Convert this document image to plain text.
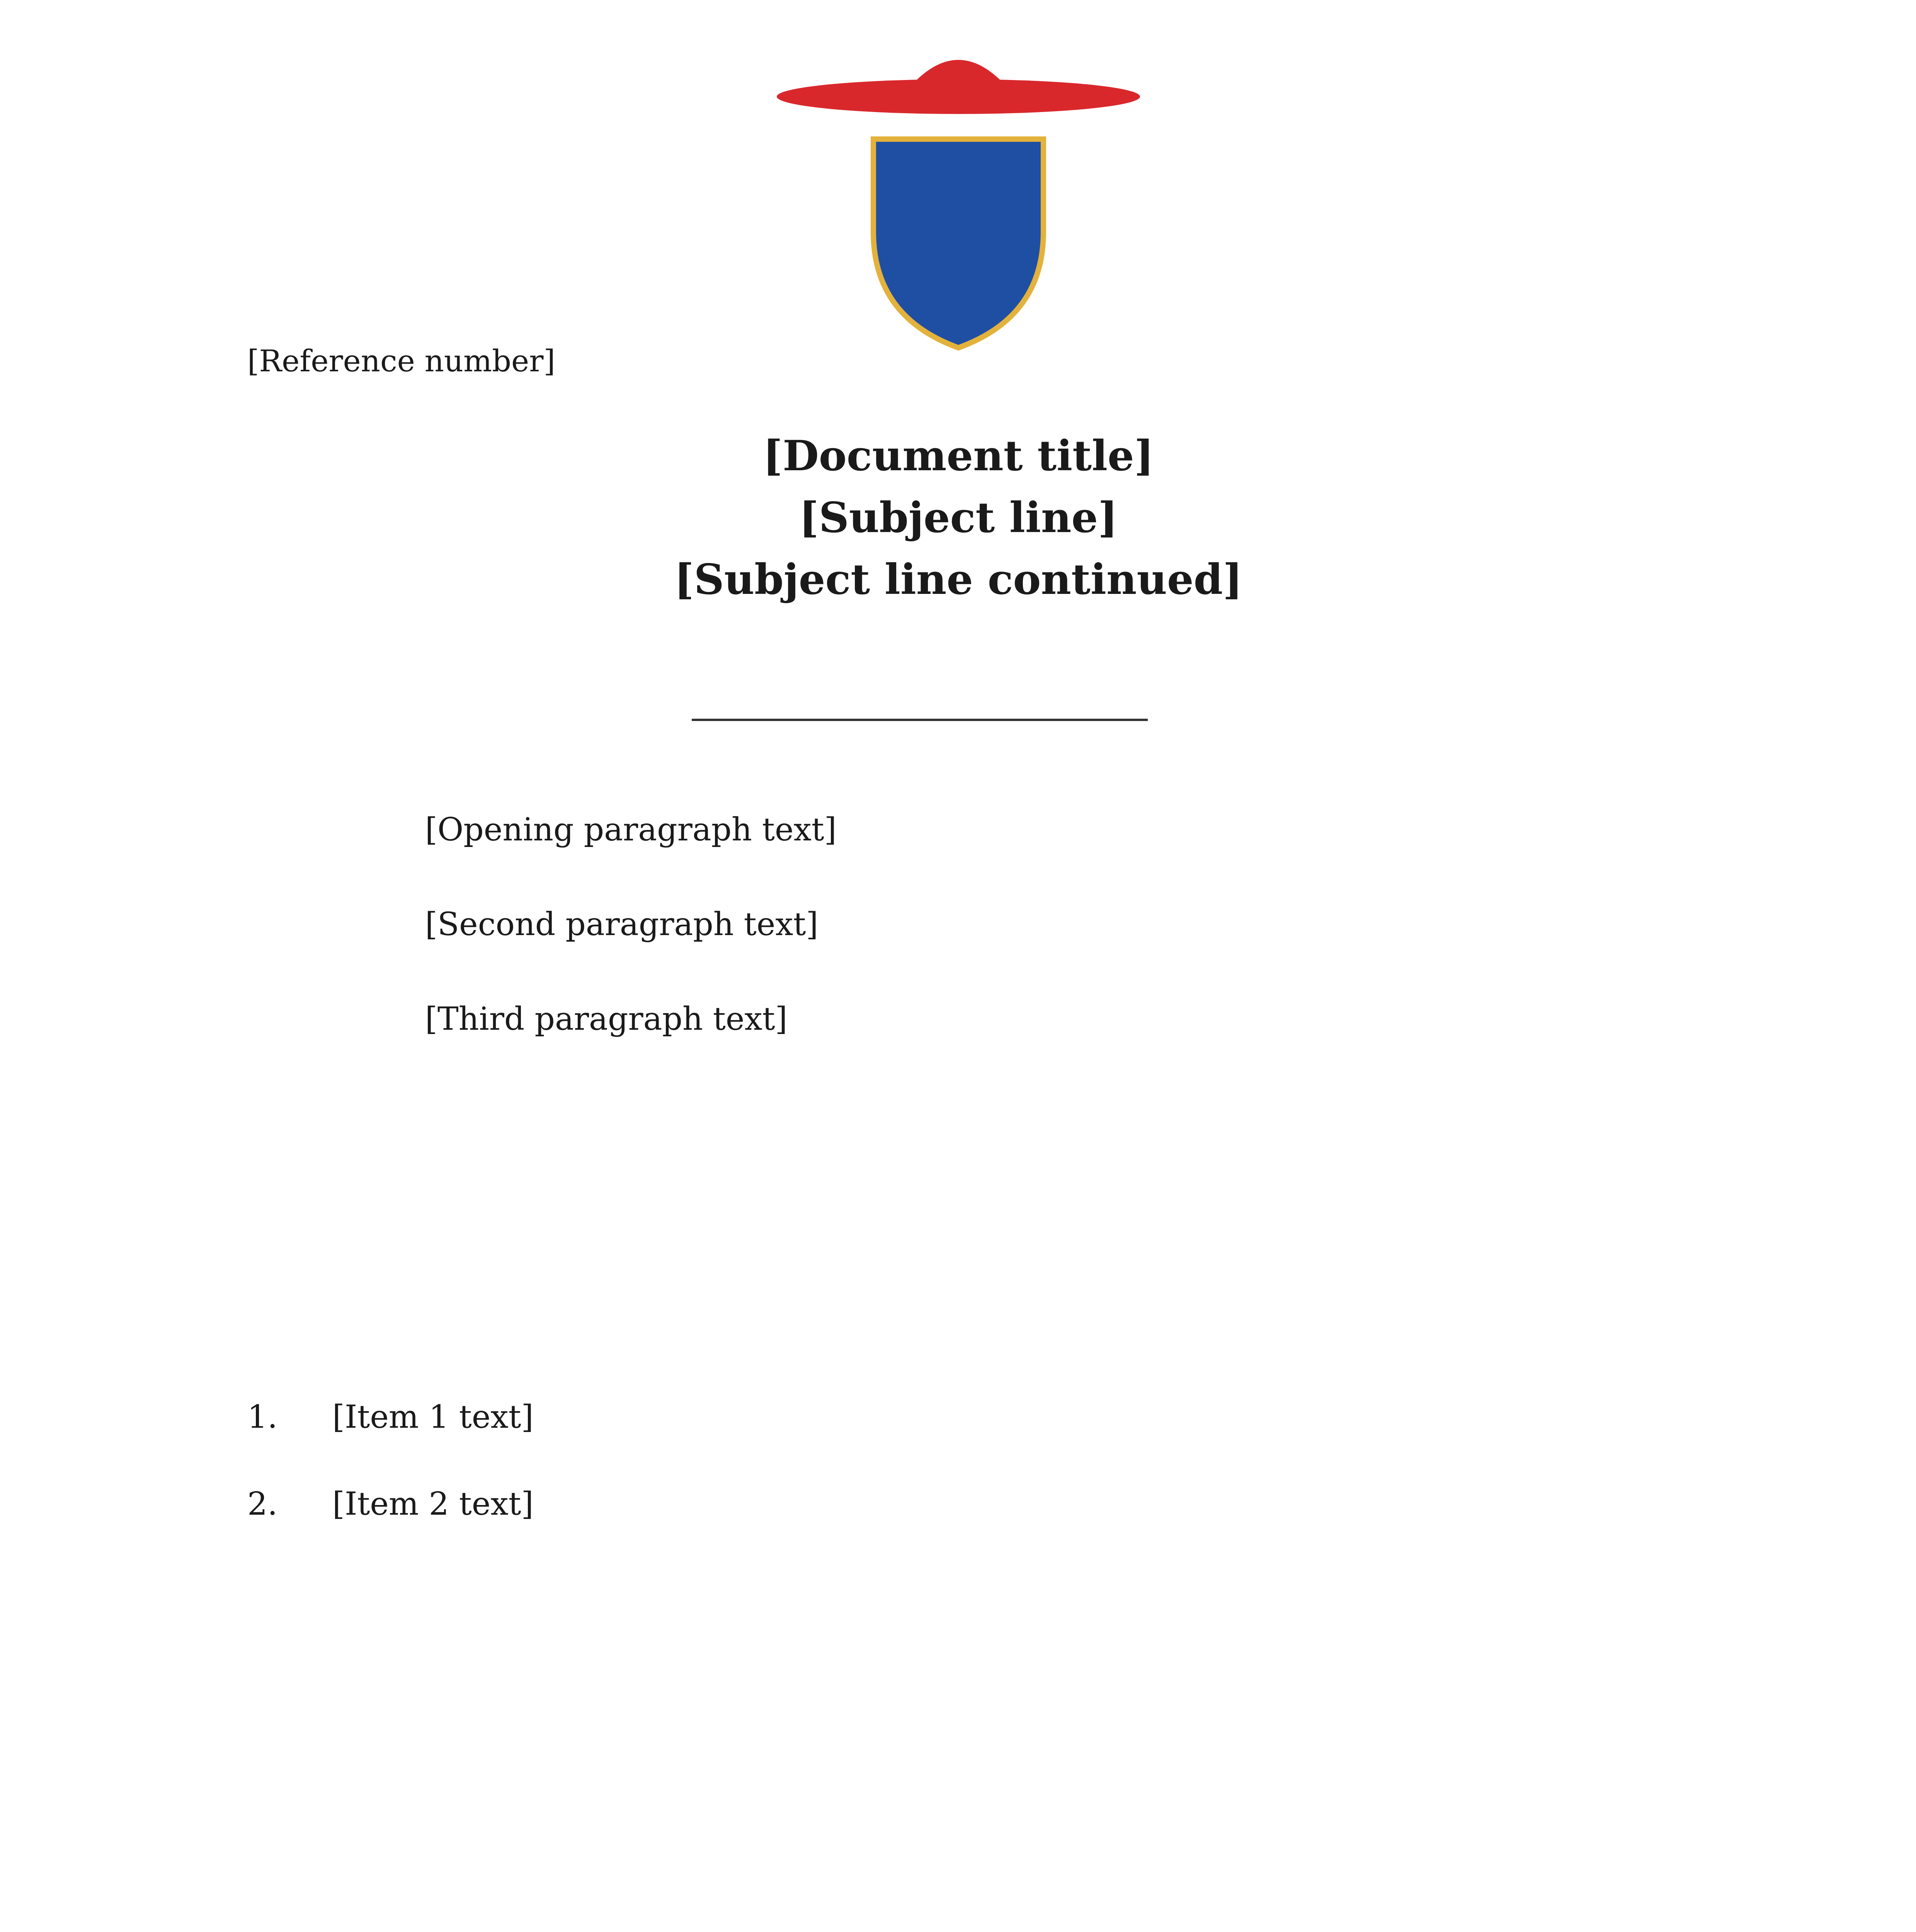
[Reference number]
[Document title]
[Subject line]
[Subject line continued]

[Opening paragraph text]

[Second paragraph text]

[Third paragraph text]

1. [Item 1 text]
2. [Item 2 text]
